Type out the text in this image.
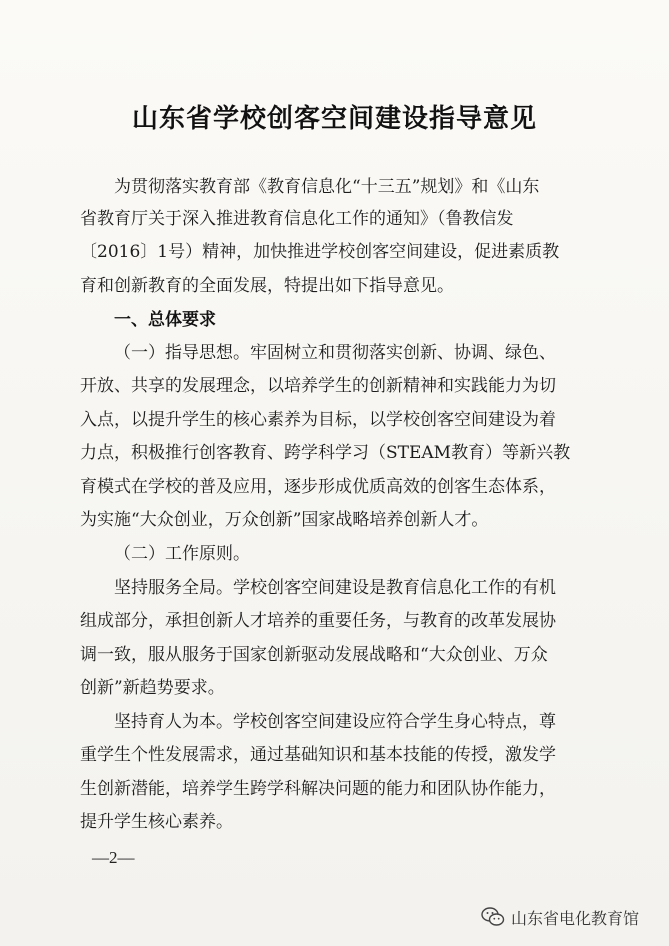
山东省学校创客空间建设指导意见
为贯彻落实教育部《教育信息化“十三五”规划》和《山东
省教育厅关于深入推进教育信息化工作的通知》（鲁教信发
〔2016〕1号）精神，加快推进学校创客空间建设，促进素质教
育和创新教育的全面发展，特提出如下指导意见。
一、总体要求
（一）指导思想。牢固树立和贯彻落实创新、协调、绿色、
开放、共享的发展理念，以培养学生的创新精神和实践能力为切
入点，以提升学生的核心素养为目标，以学校创客空间建设为着
力点，积极推行创客教育、跨学科学习（STEAM教育）等新兴教
育模式在学校的普及应用，逐步形成优质高效的创客生态体系，
为实施“大众创业，万众创新”国家战略培养创新人才。
（二）工作原则。
坚持服务全局。学校创客空间建设是教育信息化工作的有机
组成部分，承担创新人才培养的重要任务，与教育的改革发展协
调一致，服从服务于国家创新驱动发展战略和“大众创业、万众
创新”新趋势要求。
坚持育人为本。学校创客空间建设应符合学生身心特点，尊
重学生个性发展需求，通过基础知识和基本技能的传授，激发学
生创新潜能，培养学生跨学科解决问题的能力和团队协作能力，
提升学生核心素养。
—2—
山东省电化教育馆
